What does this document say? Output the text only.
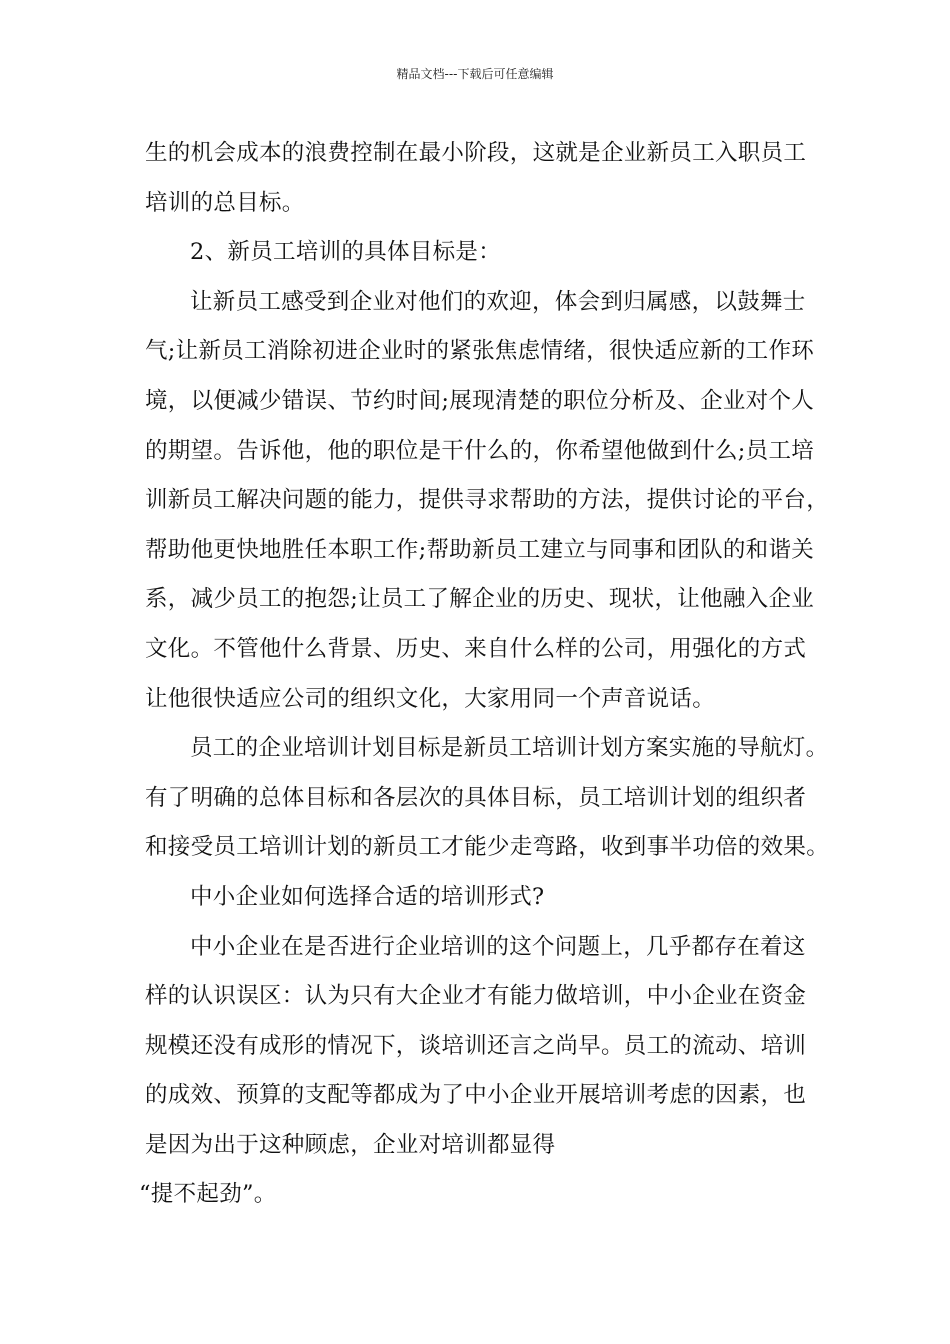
精品文档---下载后可任意编辑
生的机会成本的浪费控制在最小阶段，这就是企业新员工入职员工
培训的总目标。
2、新员工培训的具体目标是：
让新员工感受到企业对他们的欢迎，体会到归属感，以鼓舞士
气;让新员工消除初进企业时的紧张焦虑情绪，很快适应新的工作环
境，以便减少错误、节约时间;展现清楚的职位分析及、企业对个人
的期望。告诉他，他的职位是干什么的，你希望他做到什么;员工培
训新员工解决问题的能力，提供寻求帮助的方法，提供讨论的平台，
帮助他更快地胜任本职工作;帮助新员工建立与同事和团队的和谐关
系，减少员工的抱怨;让员工了解企业的历史、现状，让他融入企业
文化。不管他什么背景、历史、来自什么样的公司，用强化的方式
让他很快适应公司的组织文化，大家用同一个声音说话。
员工的企业培训计划目标是新员工培训计划方案实施的导航灯。
有了明确的总体目标和各层次的具体目标，员工培训计划的组织者
和接受员工培训计划的新员工才能少走弯路，收到事半功倍的效果。
中小企业如何选择合适的培训形式?
中小企业在是否进行企业培训的这个问题上，几乎都存在着这
样的认识误区：认为只有大企业才有能力做培训，中小企业在资金
规模还没有成形的情况下，谈培训还言之尚早。员工的流动、培训
的成效、预算的支配等都成为了中小企业开展培训考虑的因素，也
是因为出于这种顾虑，企业对培训都显得
“提不起劲”。
